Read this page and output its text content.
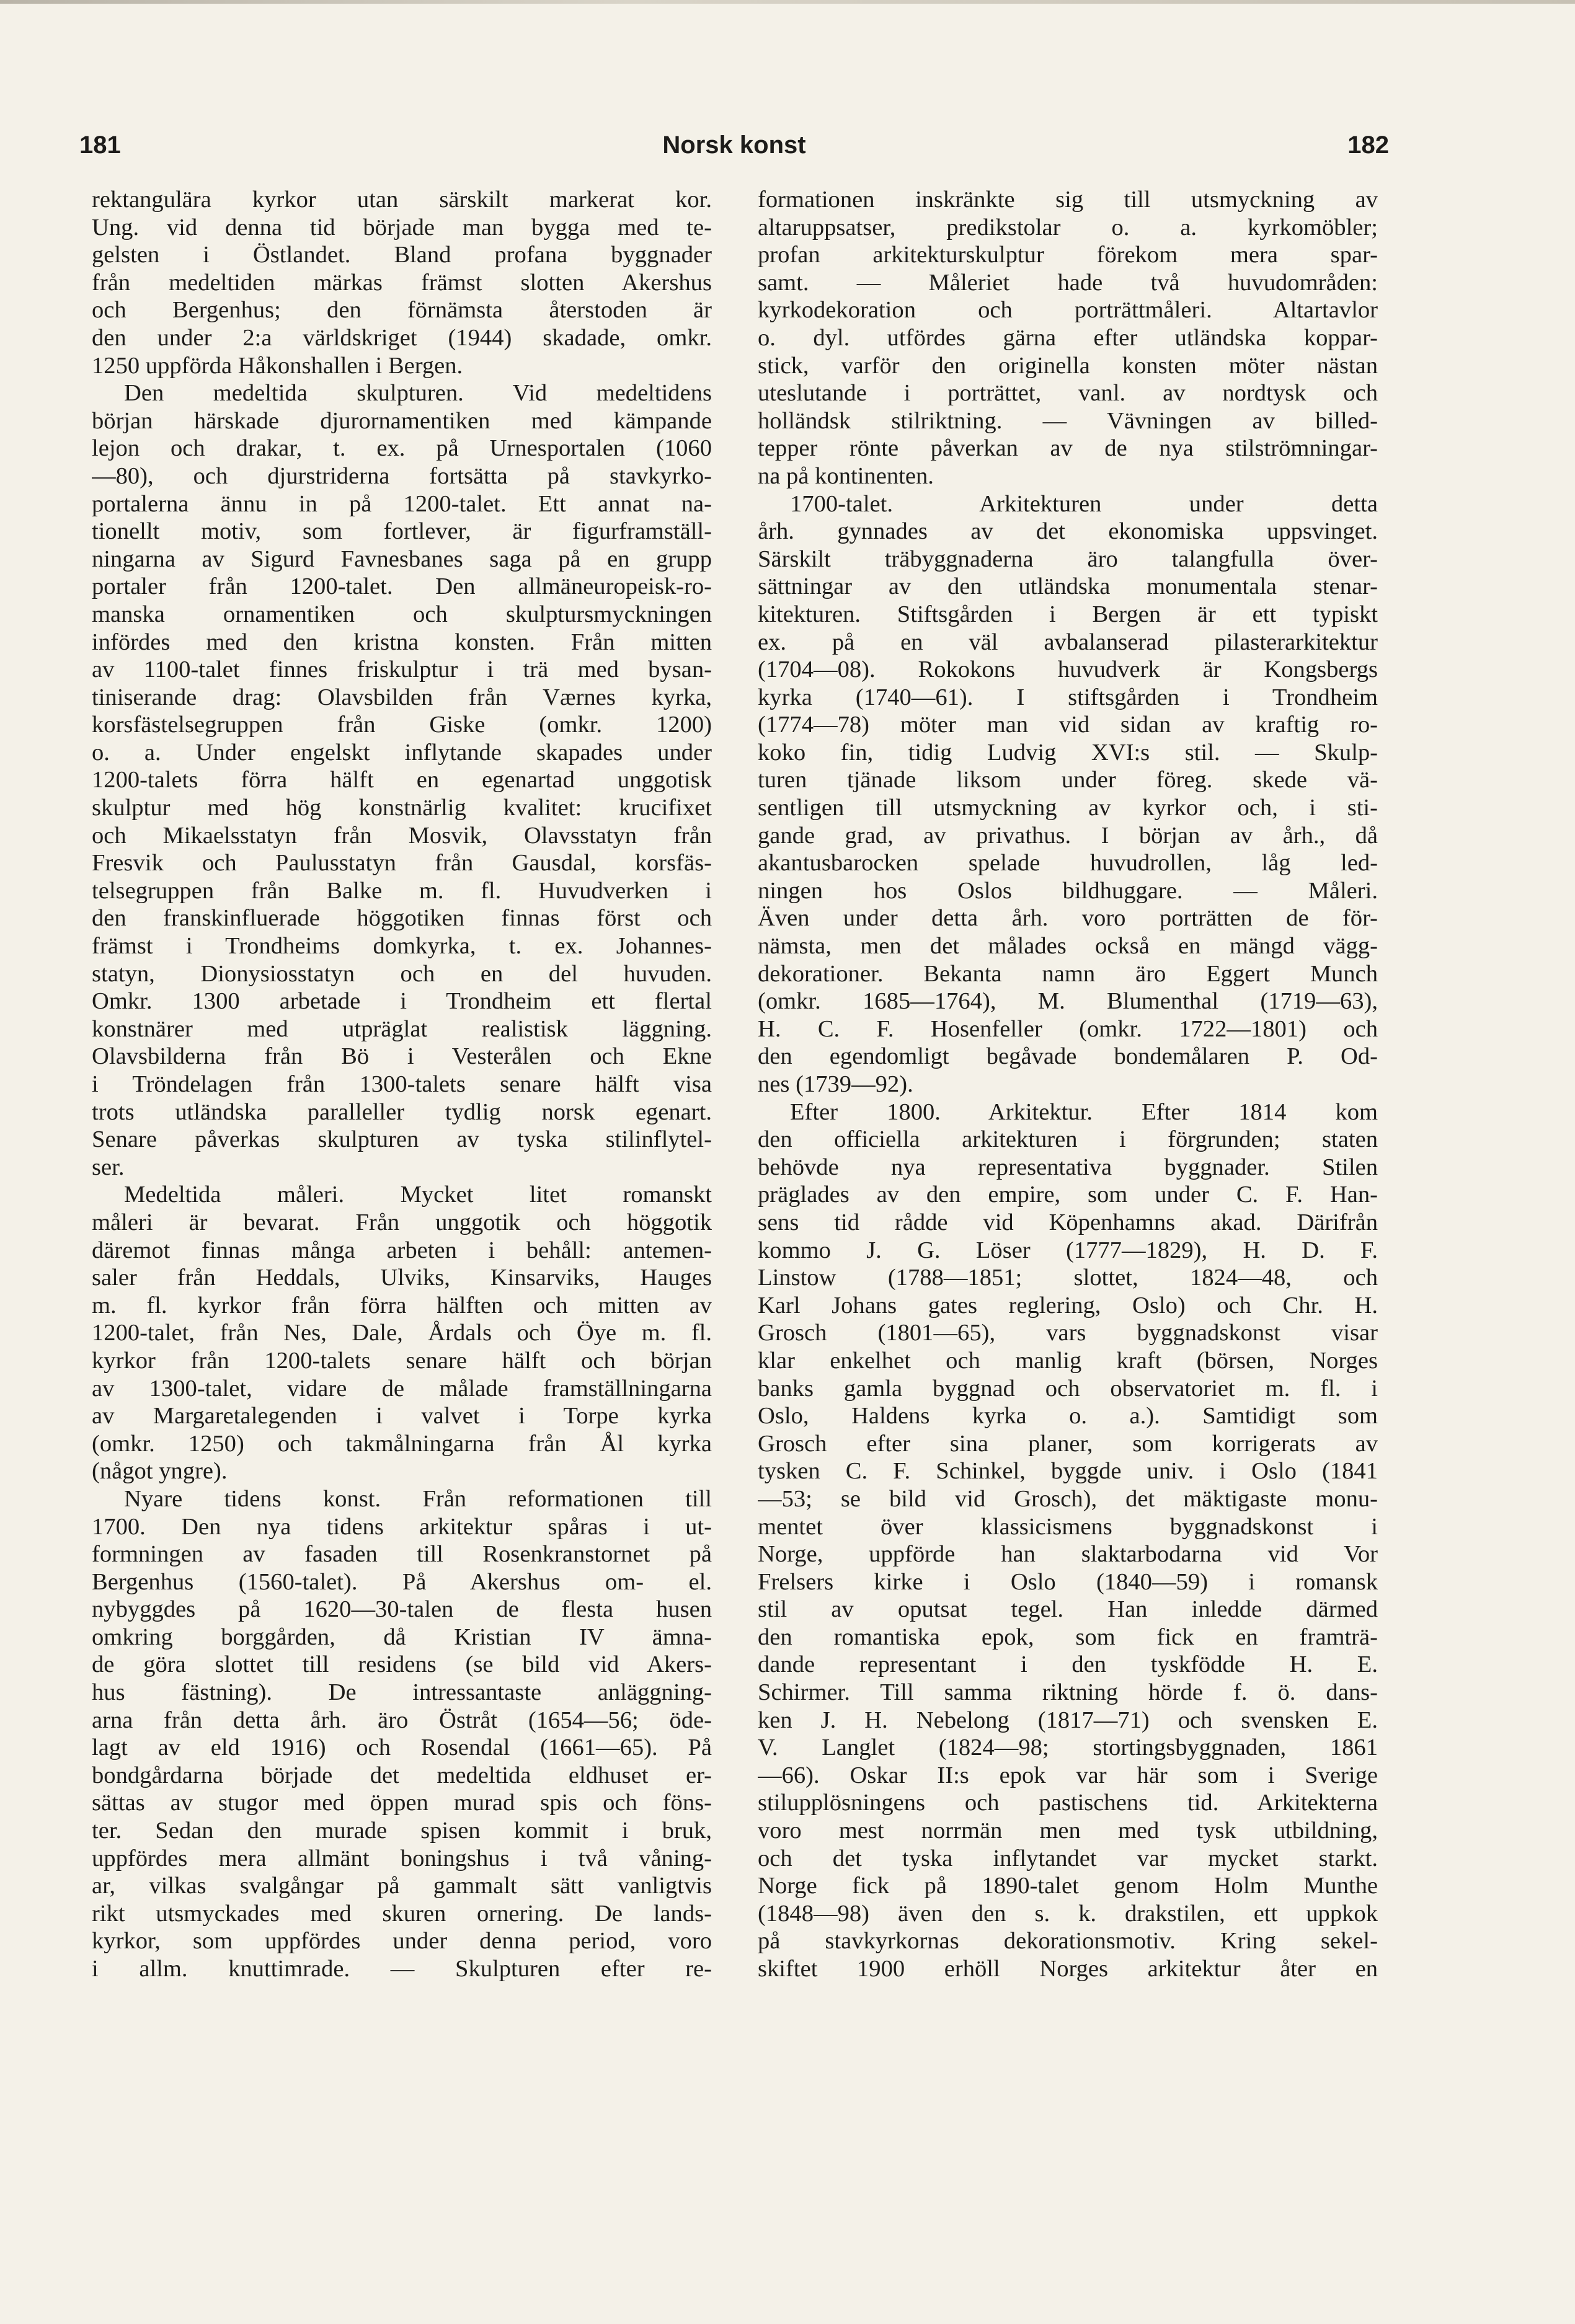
181	Norsk konst	182
rektangulära kyrkor utan särskilt markerat kor.
Ung. vid denna tid började man bygga med te-
gelsten i Östlandet. Bland profana byggnader
från medeltiden märkas främst slotten Akershus
och Bergenhus; den förnämsta återstoden är
den under 2:a världskriget (1944) skadade, omkr.
1250 uppförda Håkonshallen i Bergen.
Den medeltida skulpturen. Vid medeltidens
början härskade djurornamentiken med kämpande
lejon och drakar, t. ex. på Urnesportalen (1060
—80), och djurstriderna fortsätta på stavkyrko-
portalerna ännu in på 1200-talet. Ett annat na-
tionellt motiv, som fortlever, är figurframställ-
ningarna av Sigurd Favnesbanes saga på en grupp
portaler från 1200-talet. Den allmäneuropeisk-ro-
manska ornamentiken och skulptursmyckningen
infördes med den kristna konsten. Från mitten
av 1100-talet finnes friskulptur i trä med bysan-
tiniserande drag: Olavsbilden från Værnes kyrka,
korsfästelsegruppen från Giske (omkr. 1200)
o. a. Under engelskt inflytande skapades under
1200-talets förra hälft en egenartad unggotisk
skulptur med hög konstnärlig kvalitet: krucifixet
och Mikaelsstatyn från Mosvik, Olavsstatyn från
Fresvik och Paulusstatyn från Gausdal, korsfäs-
telsegruppen från Balke m. fl. Huvudverken i
den franskinfluerade höggotiken finnas först och
främst i Trondheims domkyrka, t. ex. Johannes-
statyn, Dionysiosstatyn och en del huvuden.
Omkr. 1300 arbetade i Trondheim ett flertal
konstnärer med utpräglat realistisk läggning.
Olavsbilderna från Bö i Vesterålen och Ekne
i Tröndelagen från 1300-talets senare hälft visa
trots utländska paralleller tydlig norsk egenart.
Senare påverkas skulpturen av tyska stilinflytel-
ser.
Medeltida måleri. Mycket litet romanskt
måleri är bevarat. Från unggotik och höggotik
däremot finnas många arbeten i behåll: antemen-
saler från Heddals, Ulviks, Kinsarviks, Hauges
m. fl. kyrkor från förra hälften och mitten av
1200-talet, från Nes, Dale, Årdals och Öye m. fl.
kyrkor från 1200-talets senare hälft och början
av 1300-talet, vidare de målade framställningarna
av Margaretalegenden i valvet i Torpe kyrka
(omkr. 1250) och takmålningarna från Ål kyrka
(något yngre).
Nyare tidens konst. Från reformationen till
1700. Den nya tidens arkitektur spåras i ut-
formningen av fasaden till Rosenkranstornet på
Bergenhus (1560-talet). På Akershus om- el.
nybyggdes på 1620—30-talen de flesta husen
omkring borggården, då Kristian IV ämna-
de göra slottet till residens (se bild vid Akers-
hus fästning). De intressantaste anläggning-
arna från detta årh. äro Östråt (1654—56; öde-
lagt av eld 1916) och Rosendal (1661—65). På
bondgårdarna började det medeltida eldhuset er-
sättas av stugor med öppen murad spis och föns-
ter. Sedan den murade spisen kommit i bruk,
uppfördes mera allmänt boningshus i två våning-
ar, vilkas svalgångar på gammalt sätt vanligtvis
rikt utsmyckades med skuren ornering. De lands-
kyrkor, som uppfördes under denna period, voro
i allm. knuttimrade. — Skulpturen efter re-
formationen inskränkte sig till utsmyckning av
altaruppsatser, predikstolar o. a. kyrkomöbler;
profan arkitekturskulptur förekom mera spar-
samt. — Måleriet hade två huvudområden:
kyrkodekoration och porträttmåleri. Altartavlor
o. dyl. utfördes gärna efter utländska koppar-
stick, varför den originella konsten möter nästan
uteslutande i porträttet, vanl. av nordtysk och
holländsk stilriktning. — Vävningen av billed-
tepper rönte påverkan av de nya stilströmningar-
na på kontinenten.
1700-talet. Arkitekturen under detta
årh. gynnades av det ekonomiska uppsvinget.
Särskilt träbyggnaderna äro talangfulla över-
sättningar av den utländska monumentala stenar-
kitekturen. Stiftsgården i Bergen är ett typiskt
ex. på en väl avbalanserad pilasterarkitektur
(1704—08). Rokokons huvudverk är Kongsbergs
kyrka (1740—61). I stiftsgården i Trondheim
(1774—78) möter man vid sidan av kraftig ro-
koko fin, tidig Ludvig XVI:s stil. — Skulp-
turen tjänade liksom under föreg. skede vä-
sentligen till utsmyckning av kyrkor och, i sti-
gande grad, av privathus. I början av årh., då
akantusbarocken spelade huvudrollen, låg led-
ningen hos Oslos bildhuggare. — Måleri.
Även under detta årh. voro porträtten de för-
nämsta, men det målades också en mängd vägg-
dekorationer. Bekanta namn äro Eggert Munch
(omkr. 1685—1764), M. Blumenthal (1719—63),
H. C. F. Hosenfeller (omkr. 1722—1801) och
den egendomligt begåvade bondemålaren P. Od-
nes (1739—92).
Efter 1800. Arkitektur. Efter 1814 kom
den officiella arkitekturen i förgrunden; staten
behövde nya representativa byggnader. Stilen
präglades av den empire, som under C. F. Han-
sens tid rådde vid Köpenhamns akad. Därifrån
kommo J. G. Löser (1777—1829), H. D. F.
Linstow (1788—1851; slottet, 1824—48, och
Karl Johans gates reglering, Oslo) och Chr. H.
Grosch (1801—65), vars byggnadskonst visar
klar enkelhet och manlig kraft (börsen, Norges
banks gamla byggnad och observatoriet m. fl. i
Oslo, Haldens kyrka o. a.). Samtidigt som
Grosch efter sina planer, som korrigerats av
tysken C. F. Schinkel, byggde univ. i Oslo (1841
—53; se bild vid Grosch), det mäktigaste monu-
mentet över klassicismens byggnadskonst i
Norge, uppförde han slaktarbodarna vid Vor
Frelsers kirke i Oslo (1840—59) i romansk
stil av oputsat tegel. Han inledde därmed
den romantiska epok, som fick en framträ-
dande representant i den tyskfödde H. E.
Schirmer. Till samma riktning hörde f. ö. dans-
ken J. H. Nebelong (1817—71) och svensken E.
V. Langlet (1824—98; stortingsbyggnaden, 1861
—66). Oskar II:s epok var här som i Sverige
stilupplösningens och pastischens tid. Arkitekterna
voro mest norrmän men med tysk utbildning,
och det tyska inflytandet var mycket starkt.
Norge fick på 1890-talet genom Holm Munthe
(1848—98) även den s. k. drakstilen, ett uppkok
på stavkyrkornas dekorationsmotiv. Kring sekel-
skiftet 1900 erhöll Norges arkitektur åter en
